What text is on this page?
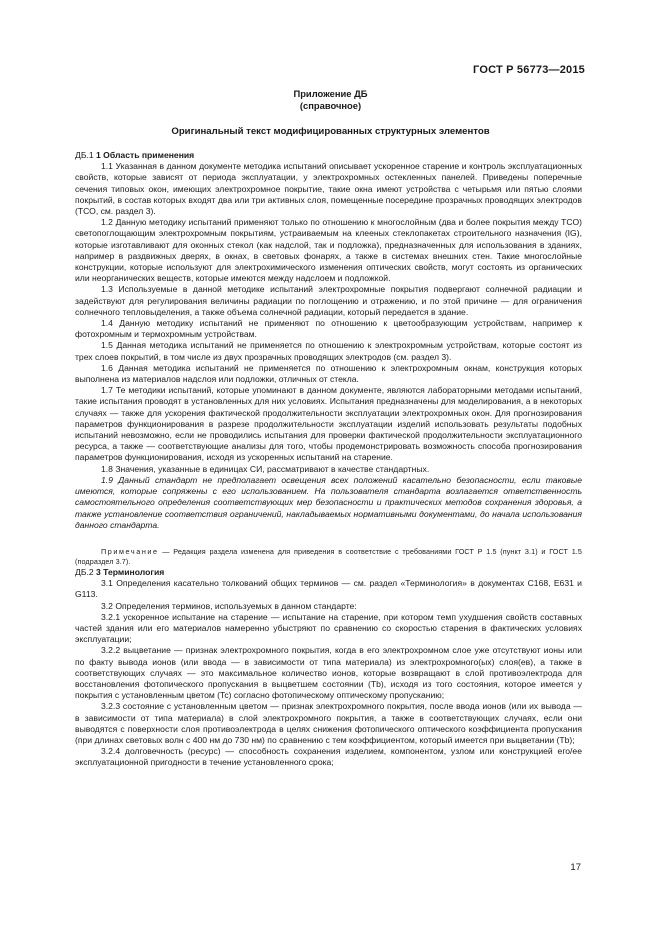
ГОСТ Р 56773—2015
Приложение ДБ
(справочное)
Оригинальный текст модифицированных структурных элементов

ДБ.1 1 Область применения

1.1 Указанная в данном документе методика испытаний описывает ускоренное старение и контроль эксплуатационных свойств, которые зависят от периода эксплуатации, у электрохромных остекленных панелей. Приведены поперечные сечения типовых окон, имеющих электрохромное покрытие, такие окна имеют устройства с четырьмя или пятью слоями покрытий, в состав которых входят два или три активных слоя, помещенные посередине прозрачных проводящих электродов (ТСО, см. раздел 3).

1.2 Данную методику испытаний применяют только по отношению к многослойным (два и более покрытия между ТСО) светопоглощающим электрохромным покрытиям, устраиваемым на клееных стеклопакетах строительного назначения (IG), которые изготавливают для оконных стекол (как надслой, так и подложка), предназначенных для использования в зданиях, например в раздвижных дверях, в окнах, в световых фонарях, а также в системах внешних стен. Такие многослойные конструкции, которые используют для электрохимического изменения оптических свойств, могут состоять из органических или неорганических веществ, которые имеются между надслоем и подложкой.

1.3 Используемые в данной методике испытаний электрохромные покрытия подвергают солнечной радиации и задействуют для регулирования величины радиации по поглощению и отражению, и по этой причине — для ограничения солнечного тепловыделения, а также объема солнечной радиации, который передается в здание.

1.4 Данную методику испытаний не применяют по отношению к цветообразующим устройствам, например к фотохромным и термохромным устройствам.

1.5 Данная методика испытаний не применяется по отношению к электрохромным устройствам, которые состоят из трех слоев покрытий, в том числе из двух прозрачных проводящих электродов (см. раздел 3).

1.6 Данная методика испытаний не применяется по отношению к электрохромным окнам, конструкция которых выполнена из материалов надслоя или подложки, отличных от стекла.

1.7 Те методики испытаний, которые упоминают в данном документе, являются лабораторными методами испытаний, такие испытания проводят в установленных для них условиях. Испытания предназначены для моделирования, а в некоторых случаях — также для ускорения фактической продолжительности эксплуатации электрохромных окон. Для прогнозирования параметров функционирования в разрезе продолжительности эксплуатации изделий использовать результаты подобных испытаний невозможно, если не проводились испытания для проверки фактической продолжительности эксплуатационного ресурса, а также — соответствующие анализы для того, чтобы продемонстрировать возможность способа прогнозирования параметров функционирования, исходя из ускоренных испытаний на старение.

1.8 Значения, указанные в единицах СИ, рассматривают в качестве стандартных.

1.9 Данный стандарт не предполагает освещения всех положений касательно безопасности, если таковые имеются, которые сопряжены с его использованием. На пользователя стандарта возлагается ответственность самостоятельного определения соответствующих мер безопасности и практических методов сохранения здоровья, а также установление соответствия ограничений, накладываемых нормативными документами, до начала использования данного стандарта.

Примечание — Редакция раздела изменена для приведения в соответствие с требованиями ГОСТ Р 1.5 (пункт 3.1) и ГОСТ 1.5 (подраздел 3.7).

ДБ.2 3 Терминология

3.1 Определения касательно толкований общих терминов — см. раздел «Терминология» в документах С168, Е631 и G113.

3.2 Определения терминов, используемых в данном стандарте:

3.2.1 ускоренное испытание на старение — испытание на старение, при котором темп ухудшения свойств составных частей здания или его материалов намеренно убыстряют по сравнению со скоростью старения в фактических условиях эксплуатации;

3.2.2 выцветание — признак электрохромного покрытия, когда в его электрохромном слое уже отсутствуют ионы или по факту вывода ионов (или ввода — в зависимости от типа материала) из электрохромного(ых) слоя(ев), а также в соответствующих случаях — это максимальное количество ионов, которые возвращают в слой противоэлектрода для восстановления фотопического пропускания в выцветшем состоянии (Tb), исходя из того состояния, которое имеется у покрытия с установленным цветом (Tc) согласно фотопическому оптическому пропусканию;

3.2.3 состояние с установленным цветом — признак электрохромного покрытия, после ввода ионов (или их вывода — в зависимости от типа материала) в слой электрохромного покрытия, а также в соответствующих случаях, если они выводятся с поверхности слоя противоэлектрода в целях снижения фотопического оптического коэффициента пропускания (при длинах световых волн с 400 нм до 730 нм) по сравнению с тем коэффициентом, который имеется при выцветании (Tb);

3.2.4 долговечность (ресурс) — способность сохранения изделием, компонентом, узлом или конструкцией его/ее эксплуатационной пригодности в течение установленного срока;

17
